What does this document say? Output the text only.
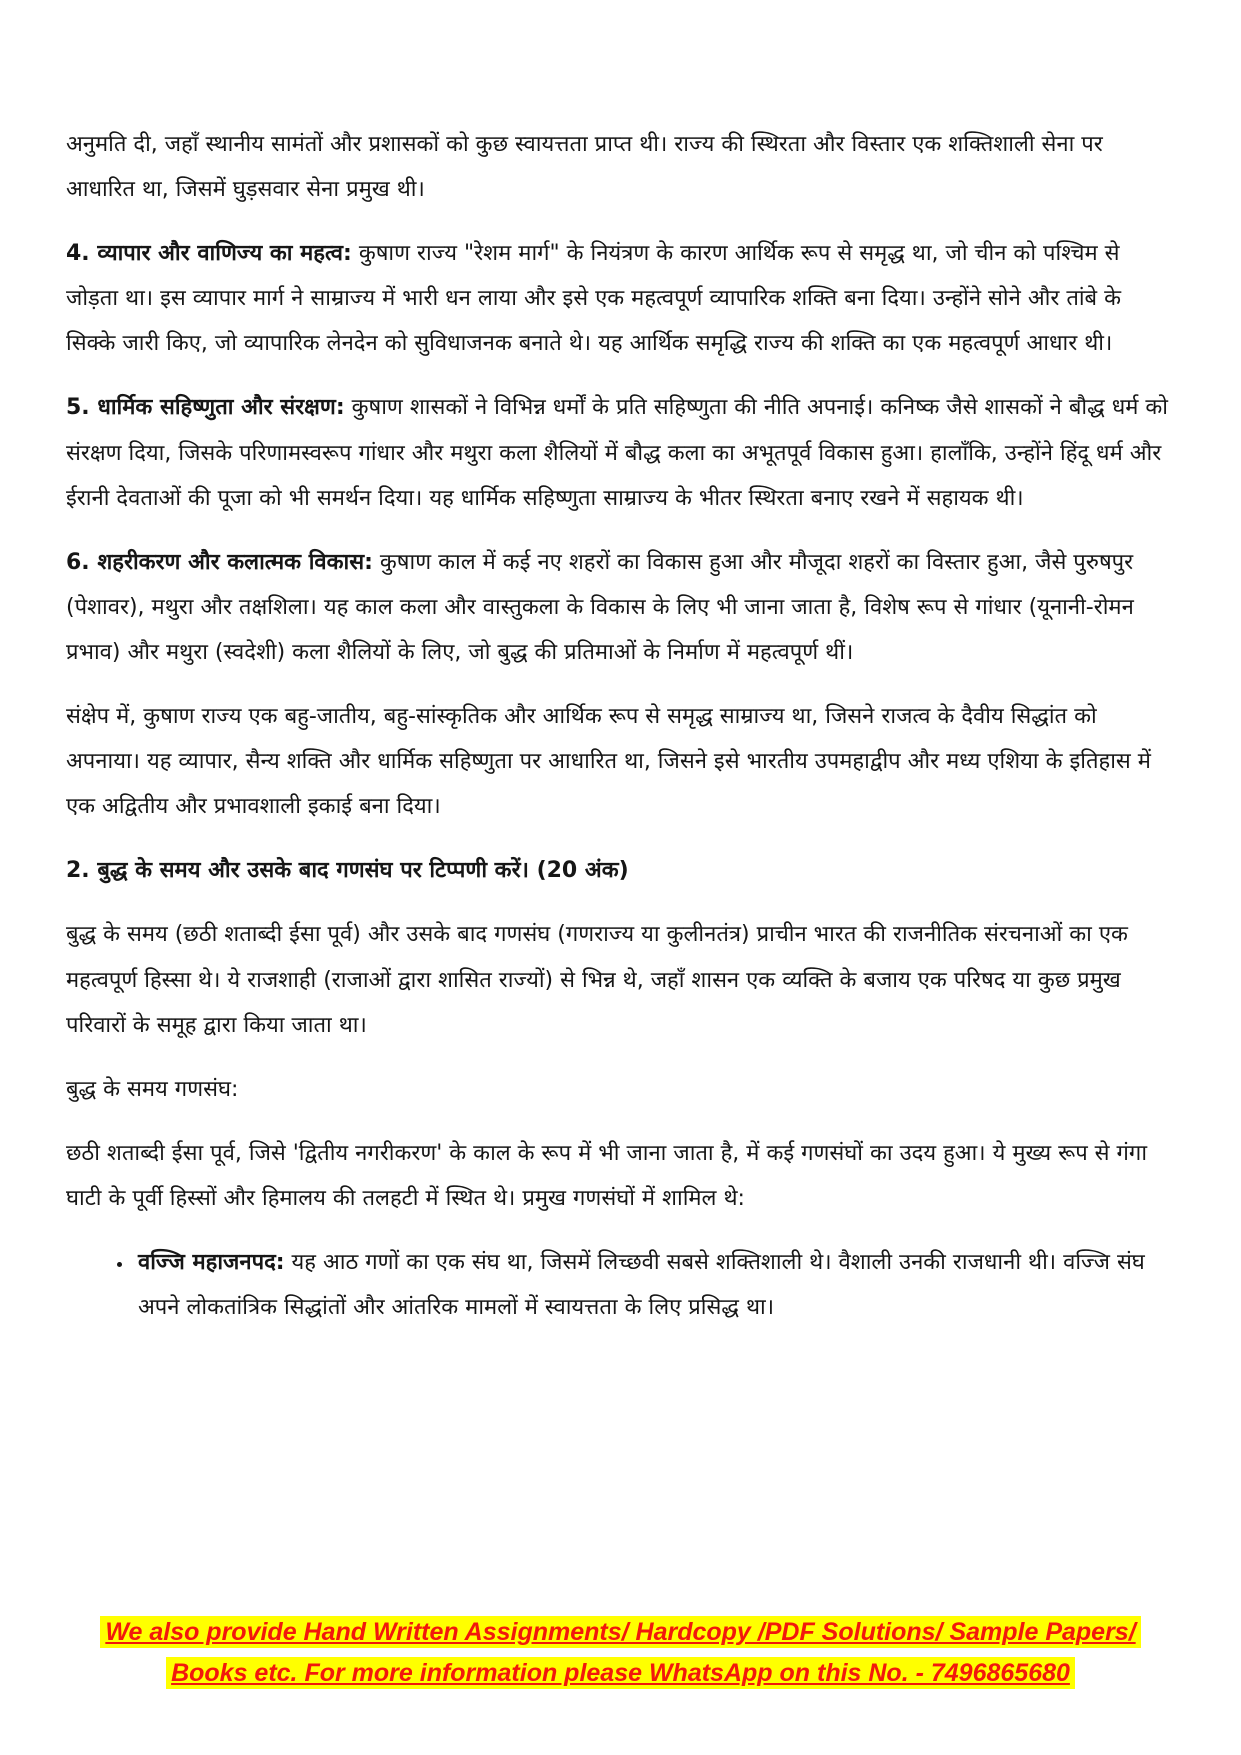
अनुमति दी, जहाँ स्थानीय सामंतों और प्रशासकों को कुछ स्वायत्तता प्राप्त थी। राज्य की स्थिरता और विस्तार एक शक्तिशाली सेना पर आधारित था, जिसमें घुड़सवार सेना प्रमुख थी।

4. व्यापार और वाणिज्य का महत्व: कुषाण राज्य "रेशम मार्ग" के नियंत्रण के कारण आर्थिक रूप से समृद्ध था, जो चीन को पश्चिम से जोड़ता था। इस व्यापार मार्ग ने साम्राज्य में भारी धन लाया और इसे एक महत्वपूर्ण व्यापारिक शक्ति बना दिया। उन्होंने सोने और तांबे के सिक्के जारी किए, जो व्यापारिक लेनदेन को सुविधाजनक बनाते थे। यह आर्थिक समृद्धि राज्य की शक्ति का एक महत्वपूर्ण आधार थी।

5. धार्मिक सहिष्णुता और संरक्षण: कुषाण शासकों ने विभिन्न धर्मों के प्रति सहिष्णुता की नीति अपनाई। कनिष्क जैसे शासकों ने बौद्ध धर्म को संरक्षण दिया, जिसके परिणामस्वरूप गांधार और मथुरा कला शैलियों में बौद्ध कला का अभूतपूर्व विकास हुआ। हालाँकि, उन्होंने हिंदू धर्म और ईरानी देवताओं की पूजा को भी समर्थन दिया। यह धार्मिक सहिष्णुता साम्राज्य के भीतर स्थिरता बनाए रखने में सहायक थी।

6. शहरीकरण और कलात्मक विकास: कुषाण काल में कई नए शहरों का विकास हुआ और मौजूदा शहरों का विस्तार हुआ, जैसे पुरुषपुर (पेशावर), मथुरा और तक्षशिला। यह काल कला और वास्तुकला के विकास के लिए भी जाना जाता है, विशेष रूप से गांधार (यूनानी-रोमन प्रभाव) और मथुरा (स्वदेशी) कला शैलियों के लिए, जो बुद्ध की प्रतिमाओं के निर्माण में महत्वपूर्ण थीं।

संक्षेप में, कुषाण राज्य एक बहु-जातीय, बहु-सांस्कृतिक और आर्थिक रूप से समृद्ध साम्राज्य था, जिसने राजत्व के दैवीय सिद्धांत को अपनाया। यह व्यापार, सैन्य शक्ति और धार्मिक सहिष्णुता पर आधारित था, जिसने इसे भारतीय उपमहाद्वीप और मध्य एशिया के इतिहास में एक अद्वितीय और प्रभावशाली इकाई बना दिया।

2. बुद्ध के समय और उसके बाद गणसंघ पर टिप्पणी करें। (20 अंक)

बुद्ध के समय (छठी शताब्दी ईसा पूर्व) और उसके बाद गणसंघ (गणराज्य या कुलीनतंत्र) प्राचीन भारत की राजनीतिक संरचनाओं का एक महत्वपूर्ण हिस्सा थे। ये राजशाही (राजाओं द्वारा शासित राज्यों) से भिन्न थे, जहाँ शासन एक व्यक्ति के बजाय एक परिषद या कुछ प्रमुख परिवारों के समूह द्वारा किया जाता था।

बुद्ध के समय गणसंघ:

छठी शताब्दी ईसा पूर्व, जिसे 'द्वितीय नगरीकरण' के काल के रूप में भी जाना जाता है, में कई गणसंघों का उदय हुआ। ये मुख्य रूप से गंगा घाटी के पूर्वी हिस्सों और हिमालय की तलहटी में स्थित थे। प्रमुख गणसंघों में शामिल थे:

• वज्जि महाजनपद: यह आठ गणों का एक संघ था, जिसमें लिच्छवी सबसे शक्तिशाली थे। वैशाली उनकी राजधानी थी। वज्जि संघ अपने लोकतांत्रिक सिद्धांतों और आंतरिक मामलों में स्वायत्तता के लिए प्रसिद्ध था।
We also provide Hand Written Assignments/ Hardcopy /PDF Solutions/ Sample Papers/
Books etc. For more information please WhatsApp on this No. - 7496865680
